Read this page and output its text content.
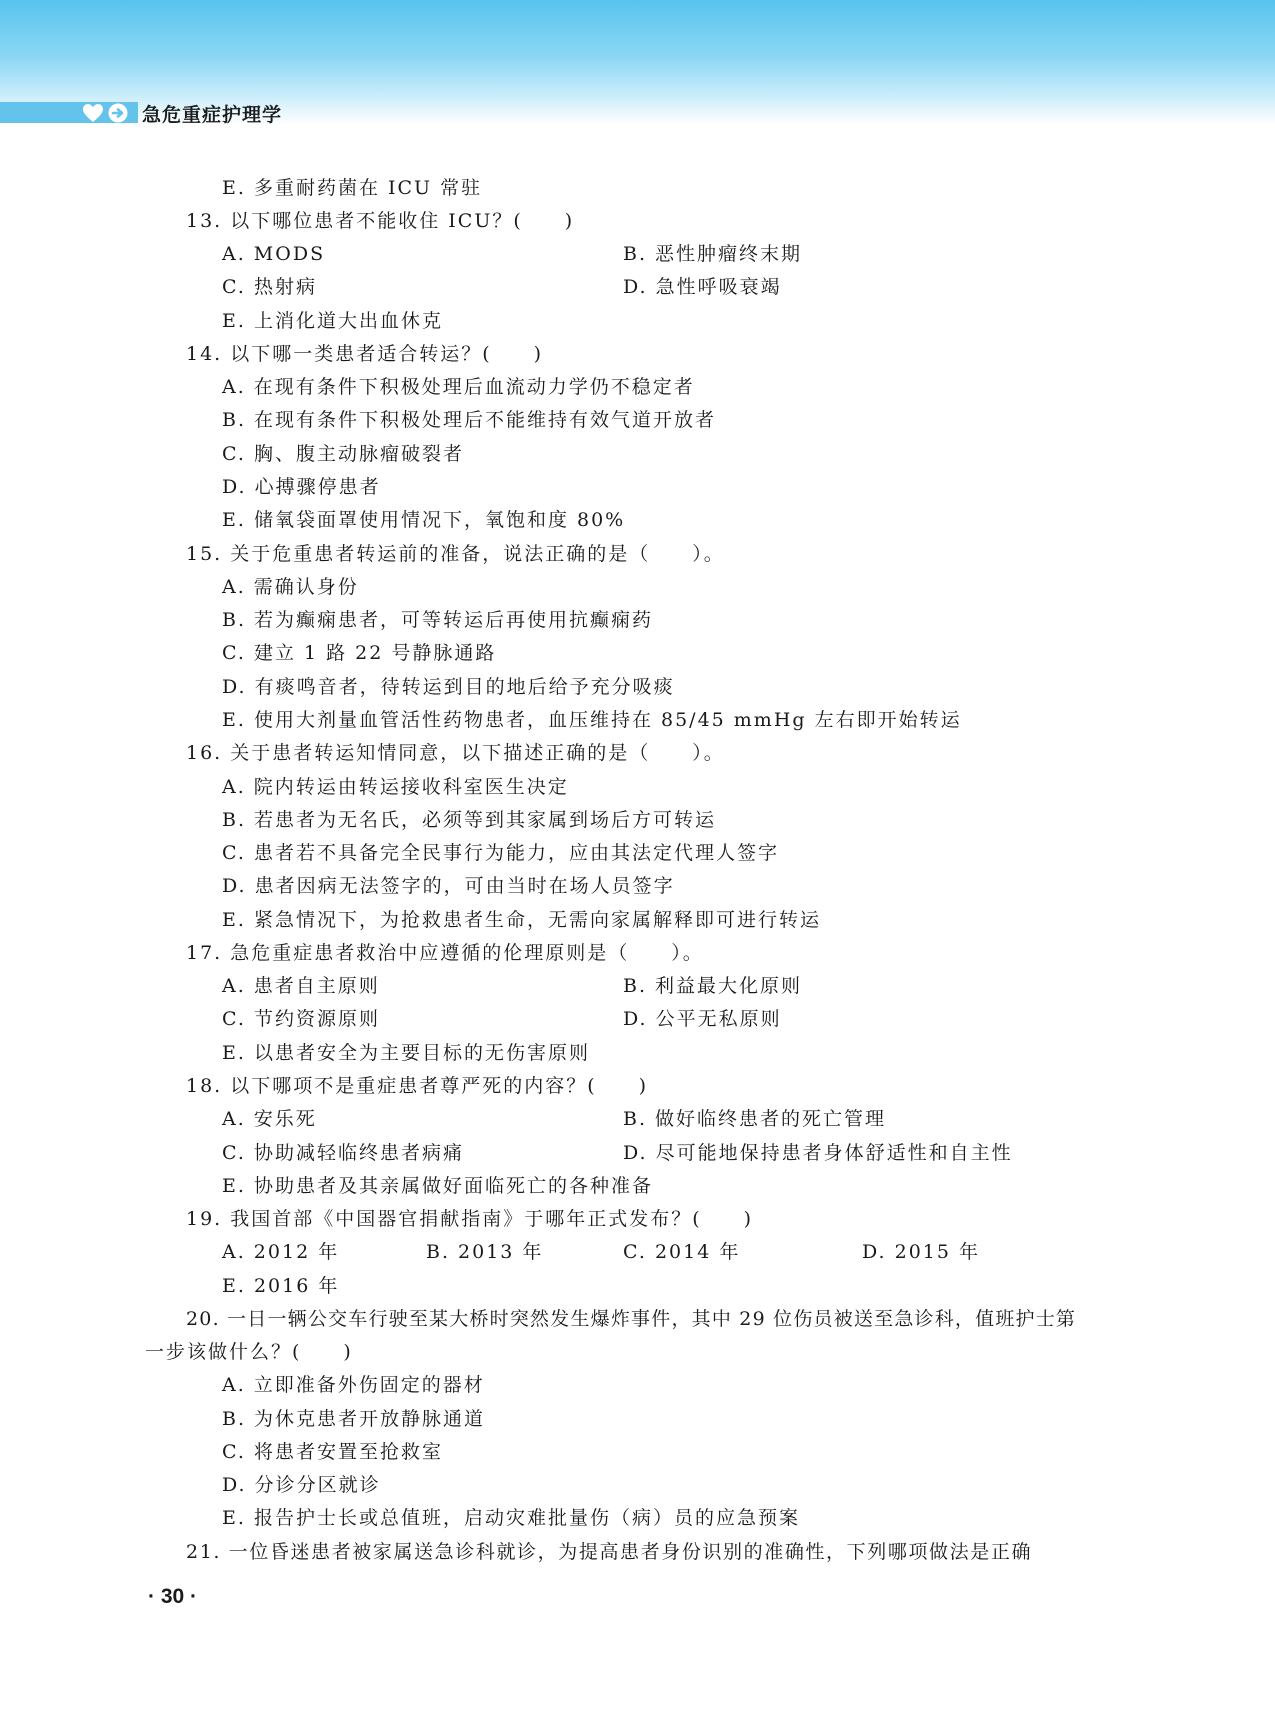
急危重症护理学
E. 多重耐药菌在 ICU 常驻
13. 以下哪位患者不能收住 ICU？(　　)
A. MODS	B. 恶性肿瘤终末期
C. 热射病	D. 急性呼吸衰竭
E. 上消化道大出血休克
14. 以下哪一类患者适合转运？(　　)
A. 在现有条件下积极处理后血流动力学仍不稳定者
B. 在现有条件下积极处理后不能维持有效气道开放者
C. 胸、腹主动脉瘤破裂者
D. 心搏骤停患者
E. 储氧袋面罩使用情况下，氧饱和度 80%
15. 关于危重患者转运前的准备，说法正确的是（　　）。
A. 需确认身份
B. 若为癫痫患者，可等转运后再使用抗癫痫药
C. 建立 1 路 22 号静脉通路
D. 有痰鸣音者，待转运到目的地后给予充分吸痰
E. 使用大剂量血管活性药物患者，血压维持在 85/45 mmHg 左右即开始转运
16. 关于患者转运知情同意，以下描述正确的是（　　）。
A. 院内转运由转运接收科室医生决定
B. 若患者为无名氏，必须等到其家属到场后方可转运
C. 患者若不具备完全民事行为能力，应由其法定代理人签字
D. 患者因病无法签字的，可由当时在场人员签字
E. 紧急情况下，为抢救患者生命，无需向家属解释即可进行转运
17. 急危重症患者救治中应遵循的伦理原则是（　　）。
A. 患者自主原则	B. 利益最大化原则
C. 节约资源原则	D. 公平无私原则
E. 以患者安全为主要目标的无伤害原则
18. 以下哪项不是重症患者尊严死的内容？(　　)
A. 安乐死	B. 做好临终患者的死亡管理
C. 协助减轻临终患者病痛	D. 尽可能地保持患者身体舒适性和自主性
E. 协助患者及其亲属做好面临死亡的各种准备
19. 我国首部《中国器官捐献指南》于哪年正式发布？(　　)
A. 2012 年	B. 2013 年	C. 2014 年	D. 2015 年
E. 2016 年
20. 一日一辆公交车行驶至某大桥时突然发生爆炸事件，其中 29 位伤员被送至急诊科，值班护士第
一步该做什么？(　　)
A. 立即准备外伤固定的器材
B. 为休克患者开放静脉通道
C. 将患者安置至抢救室
D. 分诊分区就诊
E. 报告护士长或总值班，启动灾难批量伤（病）员的应急预案
21. 一位昏迷患者被家属送急诊科就诊，为提高患者身份识别的准确性，下列哪项做法是正确
· 30 ·
